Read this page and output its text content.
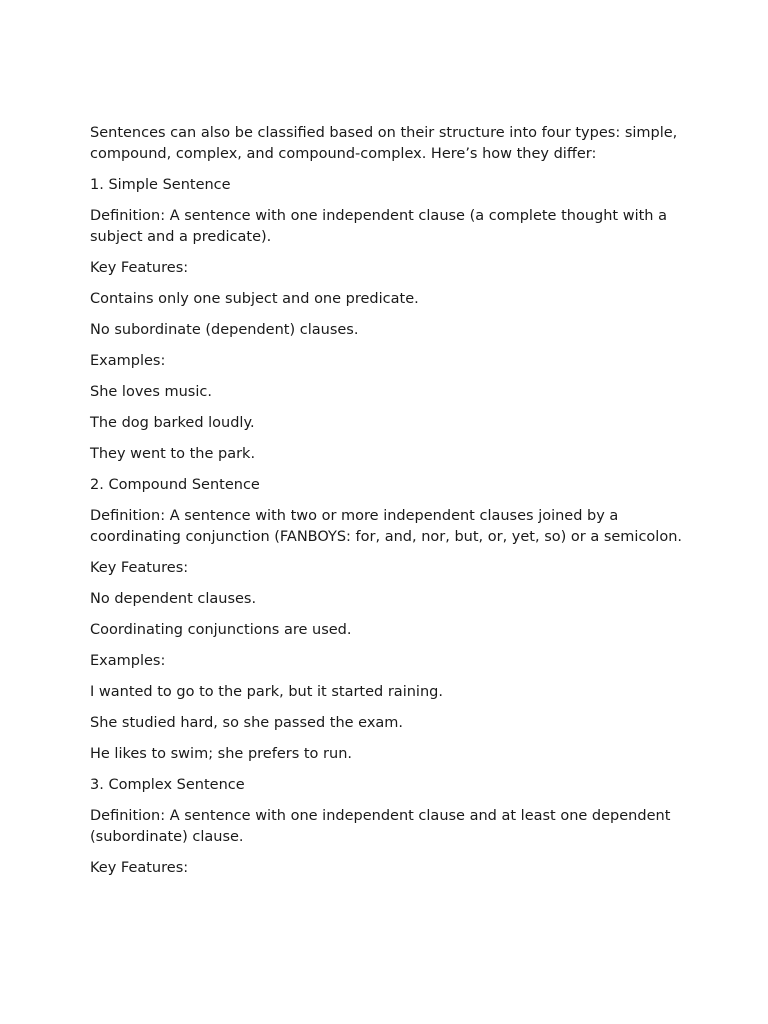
Sentences can also be classified based on their structure into four types: simple, compound, complex, and compound-complex. Here’s how they differ:

1. Simple Sentence

Definition: A sentence with one independent clause (a complete thought with a subject and a predicate).

Key Features:

Contains only one subject and one predicate.

No subordinate (dependent) clauses.

Examples:

She loves music.

The dog barked loudly.

They went to the park.

2. Compound Sentence

Definition: A sentence with two or more independent clauses joined by a coordinating conjunction (FANBOYS: for, and, nor, but, or, yet, so) or a semicolon.

Key Features:

No dependent clauses.

Coordinating conjunctions are used.

Examples:

I wanted to go to the park, but it started raining.

She studied hard, so she passed the exam.

He likes to swim; she prefers to run.

3. Complex Sentence

Definition: A sentence with one independent clause and at least one dependent (subordinate) clause.

Key Features:
